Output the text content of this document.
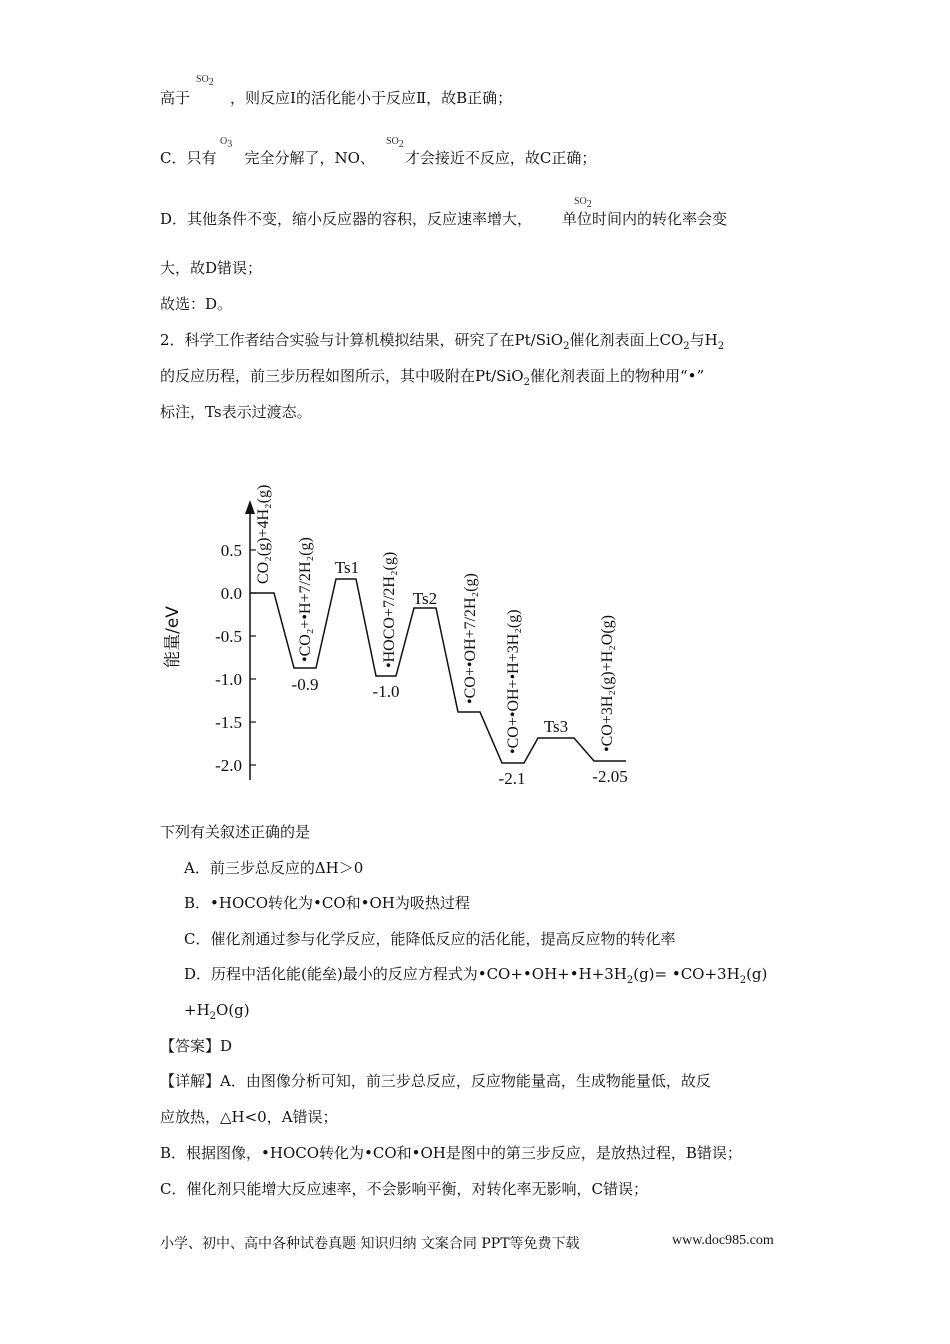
高于	，则反应Ⅰ的活化能小于反应Ⅱ，故B正确；
$SO_2$
C．只有 完全分解了，NO、 才会接近不反应，故C正确；
$O_3$	$SO_2$
D．其他条件不变，缩小反应器的容积，反应速率增大， 单位时间内的转化率会变
$SO_2$
大，故D错误；
故选：D。
2．科学工作者结合实验与计算机模拟结果，研究了在Pt/SiO$_2$催化剂表面上$CO_2$与$H_2$
的反应历程，前三步历程如图所示，其中吸附在Pt/SiO$_2$催化剂表面上的物种用“•”
标注，Ts表示过渡态。
0.5
0.0
-0.5
-1.0
-1.5
-2.0
能量/eV
-0.9	-1.0
-2.1	-2.05
Ts1
Ts2
Ts3
CO₂(g)+4H₂(g)
•CO₂+•H+7/2H₂(g)	•HOCO+7/2H₂(g)	•CO+•OH+7/2H₂(g) •CO+•OH+•H+3H₂(g)	•CO+3H₂(g)+H₂O(g)
下列有关叙述正确的是
A．前三步总反应的ΔH＞0
B．•HOCO转化为•CO和•OH为吸热过程
C．催化剂通过参与化学反应，能降低反应的活化能，提高反应物的转化率
D．历程中活化能(能垒)最小的反应方程式为$•CO+•OH+•H+3H_2(g)=$ $•CO+3H_2(g)$
$+H_2O(g)$
【答案】D
【详解】A．由图像分析可知，前三步总反应，反应物能量高，生成物能量低，故反
应放热，△H<0，A错误；
B．根据图像，•HOCO转化为•CO和•OH是图中的第三步反应，是放热过程，B错误；
C．催化剂只能增大反应速率，不会影响平衡，对转化率无影响，C错误；
小学、初中、高中各种试卷真题 知识归纳 文案合同 PPT等免费下载	www.doc985.com
